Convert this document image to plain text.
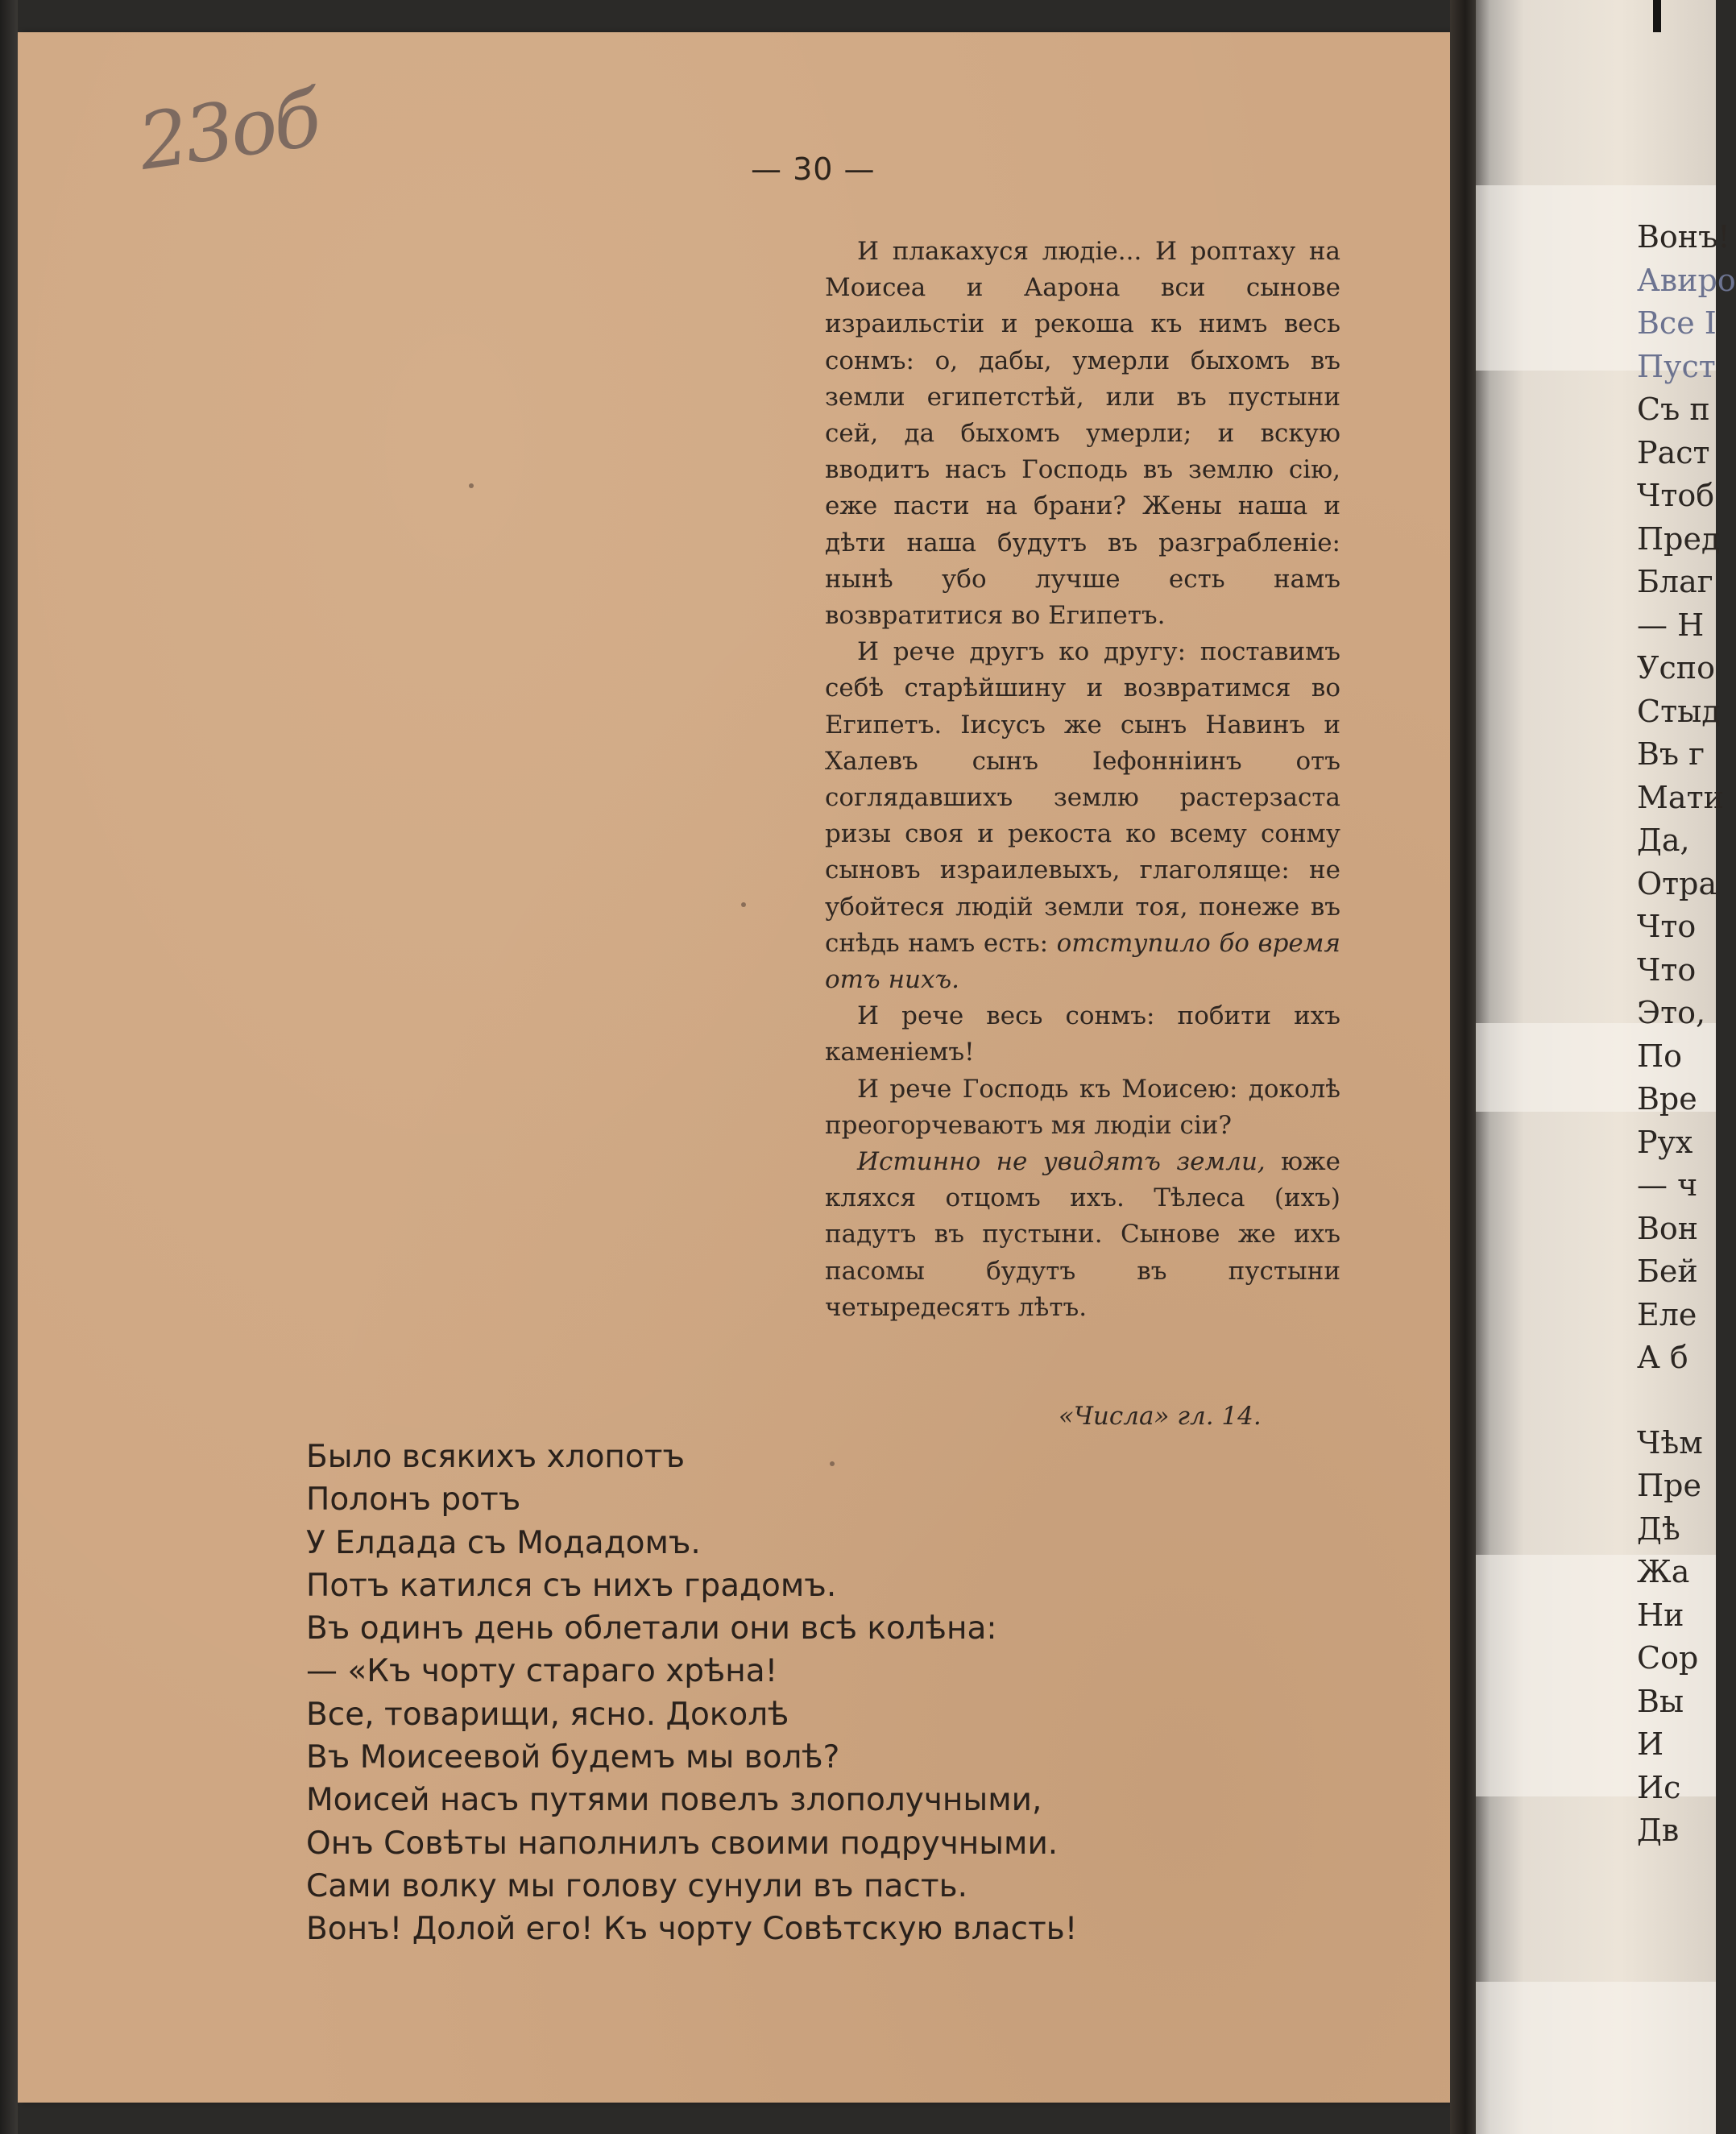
23об	— 30 —

И плакахуся людіе... И роптаху на Моисеа и Аарона вси сынове израильстіи и рекоша къ нимъ весь сонмъ: о, дабы, умерли быхомъ въ земли египетстѣй, или въ пустыни сей, да быхомъ умерли; и вскую вводитъ насъ Господь въ землю сію, еже пасти на брани? Жены наша и дѣти наша будутъ въ разграбленіе: нынѣ убо лучше есть намъ возвратитися во Египетъ.

И рече другъ ко другу: поставимъ себѣ старѣйшину и возвратимся во Египетъ. Іисусъ же сынъ Навинъ и Халевъ сынъ Іефонніинъ отъ соглядавшихъ землю растерзаста ризы своя и рекоста ко всему сонму сыновъ израилевыхъ, глаголяще: не убойтеся людій земли тоя, понеже въ снѣдь намъ есть: отступило бо время отъ нихъ.

И рече весь сонмъ: побити ихъ каменіемъ!

И рече Господь къ Моисею: доколѣ преогорчеваютъ мя людіи сіи?

Истинно не увидятъ земли, юже кляхся отцомъ ихъ. Тѣлеса (ихъ) падутъ въ пустыни. Сынове же ихъ пасомы будутъ въ пустыни четыредесятъ лѣтъ.

«Числа» гл. 14.

Было всякихъ хлопотъ

Полонъ ротъ

У Елдада съ Модадомъ.

Потъ катился съ нихъ градомъ.

Въ одинъ день облетали они всѣ колѣна:

— «Къ чорту стараго хрѣна!

Все, товарищи, ясно. Доколѣ

Въ Моисеевой будемъ мы волѣ?

Моисей насъ путями повелъ злополучными,

Онъ Совѣты наполнилъ своими подручными.

Сами волку мы голову сунули въ пасть.

Вонъ! Долой его! Къ чорту Совѣтскую власть!

Вонъ!
Авиро
Все І
Пуст
Съ п
Раст
Чтоб
Пред
Благ
— Н
Успо
Стыд
Въ г
Мати
Да,
Отра
Что
Что
Это,
По
Вре
Рух
— ч
Вон
Бей
Еле
А б
Чѣм
Пре
Дѣ
Жа
Ни
Сор
Вы
И
Ис
Дв
